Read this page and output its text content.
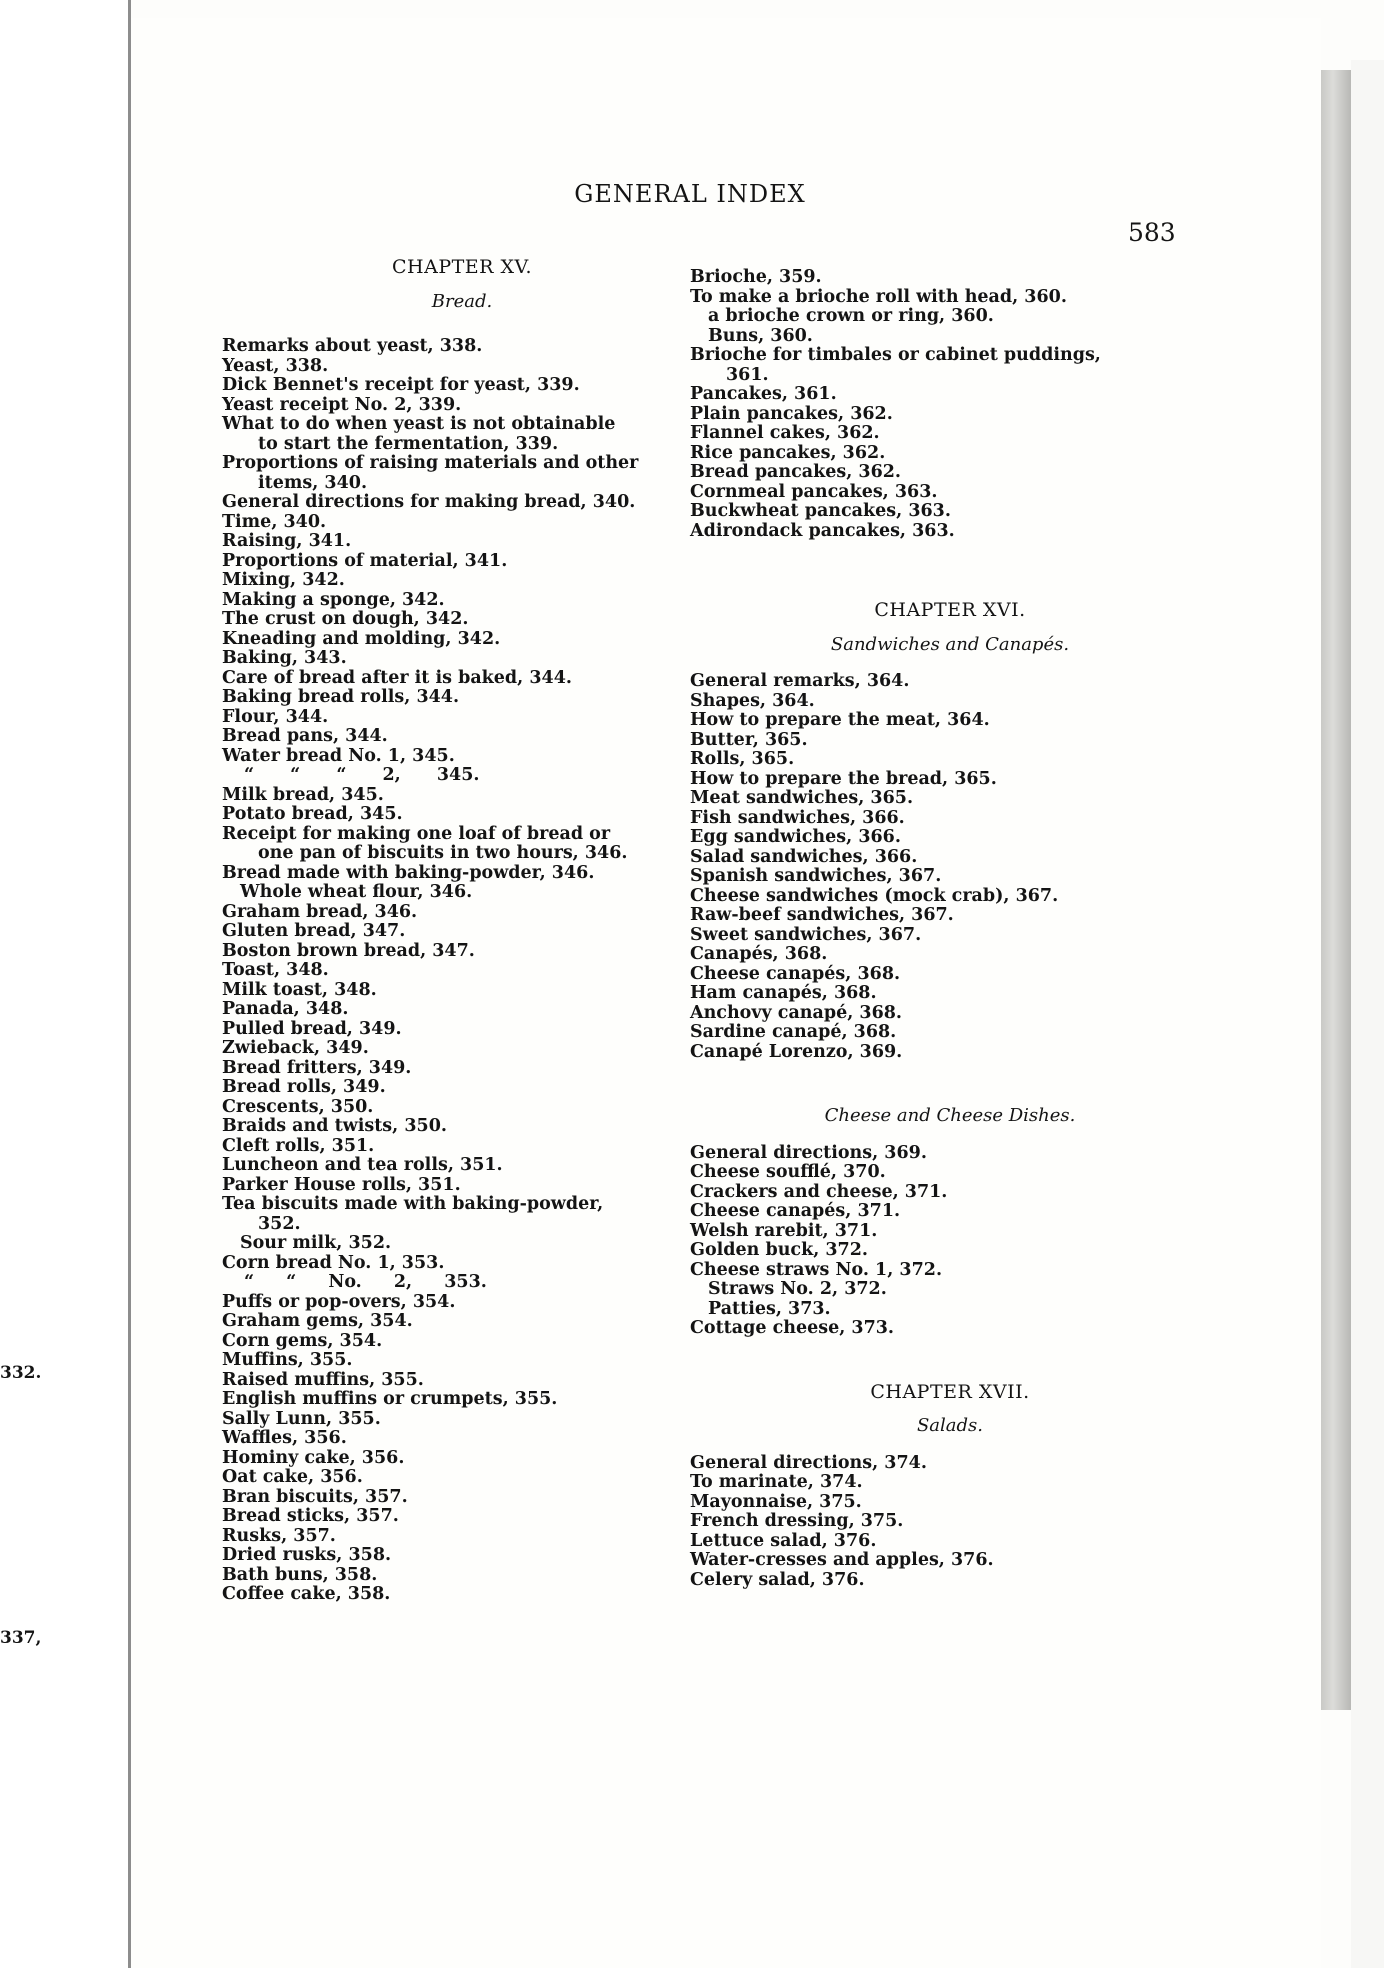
332.
337,
GENERAL INDEX
583
CHAPTER XV.
Bread.
Remarks about yeast, 338.
Yeast, 338.
Dick Bennet's receipt for yeast, 339.
Yeast receipt No. 2, 339.
What to do when yeast is not obtainable
to start the fermentation, 339.
Proportions of raising materials and other
items, 340.
General directions for making bread, 340.
Time, 340.
Raising, 341.
Proportions of material, 341.
Mixing, 342.
Making a sponge, 342.
The crust on dough, 342.
Kneading and molding, 342.
Baking, 343.
Care of bread after it is baked, 344.
Baking bread rolls, 344.
Flour, 344.
Bread pans, 344.
Water bread No. 1, 345.
“ “ “ 2, 345.
Milk bread, 345.
Potato bread, 345.
Receipt for making one loaf of bread or
one pan of biscuits in two hours, 346.
Bread made with baking-powder, 346.
Whole wheat flour, 346.
Graham bread, 346.
Gluten bread, 347.
Boston brown bread, 347.
Toast, 348.
Milk toast, 348.
Panada, 348.
Pulled bread, 349.
Zwieback, 349.
Bread fritters, 349.
Bread rolls, 349.
Crescents, 350.
Braids and twists, 350.
Cleft rolls, 351.
Luncheon and tea rolls, 351.
Parker House rolls, 351.
Tea biscuits made with baking-powder,
352.
Sour milk, 352.
Corn bread No. 1, 353.
“ “ No. 2, 353.
Puffs or pop-overs, 354.
Graham gems, 354.
Corn gems, 354.
Muffins, 355.
Raised muffins, 355.
English muffins or crumpets, 355.
Sally Lunn, 355.
Waffles, 356.
Hominy cake, 356.
Oat cake, 356.
Bran biscuits, 357.
Bread sticks, 357.
Rusks, 357.
Dried rusks, 358.
Bath buns, 358.
Coffee cake, 358.
Brioche, 359.
To make a brioche roll with head, 360.
a brioche crown or ring, 360.
Buns, 360.
Brioche for timbales or cabinet puddings,
361.
Pancakes, 361.
Plain pancakes, 362.
Flannel cakes, 362.
Rice pancakes, 362.
Bread pancakes, 362.
Cornmeal pancakes, 363.
Buckwheat pancakes, 363.
Adirondack pancakes, 363.
CHAPTER XVI.
Sandwiches and Canapés.
General remarks, 364.
Shapes, 364.
How to prepare the meat, 364.
Butter, 365.
Rolls, 365.
How to prepare the bread, 365.
Meat sandwiches, 365.
Fish sandwiches, 366.
Egg sandwiches, 366.
Salad sandwiches, 366.
Spanish sandwiches, 367.
Cheese sandwiches (mock crab), 367.
Raw-beef sandwiches, 367.
Sweet sandwiches, 367.
Canapés, 368.
Cheese canapés, 368.
Ham canapés, 368.
Anchovy canapé, 368.
Sardine canapé, 368.
Canapé Lorenzo, 369.
Cheese and Cheese Dishes.
General directions, 369.
Cheese soufflé, 370.
Crackers and cheese, 371.
Cheese canapés, 371.
Welsh rarebit, 371.
Golden buck, 372.
Cheese straws No. 1, 372.
Straws No. 2, 372.
Patties, 373.
Cottage cheese, 373.
CHAPTER XVII.
Salads.
General directions, 374.
To marinate, 374.
Mayonnaise, 375.
French dressing, 375.
Lettuce salad, 376.
Water-cresses and apples, 376.
Celery salad, 376.
